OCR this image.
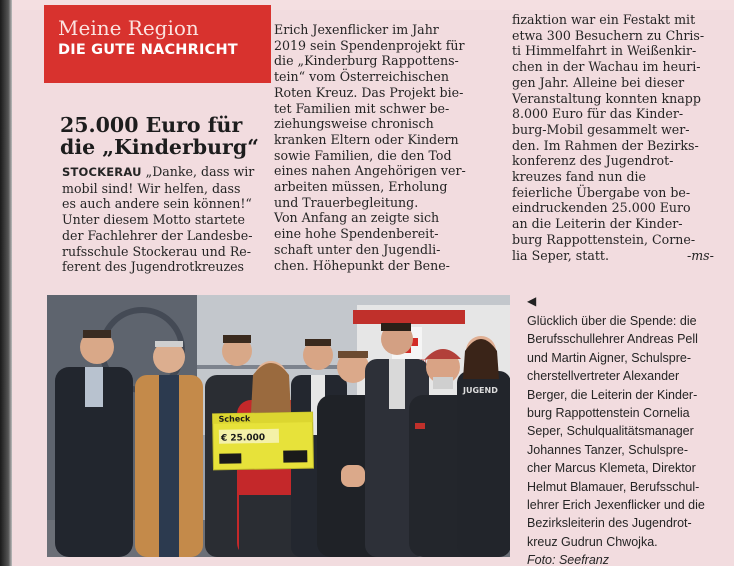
Meine Region
DIE GUTE NACHRICHT
25.000 Euro für
die „Kinderburg“
STOCKERAU „Danke, dass wir
mobil sind! Wir helfen, dass
es auch andere sein können!“
Unter diesem Motto startete
der Fachlehrer der Landesbe-
rufsschule Stockerau und Re-
ferent des Jugendrotkreuzes
Erich Jexenflicker im Jahr
2019 sein Spendenprojekt für
die „Kinderburg Rappottens-
tein“ vom Österreichischen
Roten Kreuz. Das Projekt bie-
tet Familien mit schwer be-
ziehungsweise chronisch
kranken Eltern oder Kindern
sowie Familien, die den Tod
eines nahen Angehörigen ver-
arbeiten müssen, Erholung
und Trauerbegleitung.
Von Anfang an zeigte sich
eine hohe Spendenbereit-
schaft unter den Jugendli-
chen. Höhepunkt der Bene-
fizaktion war ein Festakt mit
etwa 300 Besuchern zu Chris-
ti Himmelfahrt in Weißenkir-
chen in der Wachau im heuri-
gen Jahr. Alleine bei dieser
Veranstaltung konnten knapp
8.000 Euro für das Kinder-
burg-Mobil gesammelt wer-
den. Im Rahmen der Bezirks-
konferenz des Jugendrot-
kreuzes fand nun die
feierliche Übergabe von be-
eindruckenden 25.000 Euro
an die Leiterin der Kinder-
burg Rappottenstein, Corne-
lia Seper, statt.	-ms-
JUGEND
Scheck
€ 25.000
◀
Glücklich über die Spende: die
Berufsschullehrer Andreas Pell
und Martin Aigner, Schulspre-
cherstellvertreter Alexander
Berger, die Leiterin der Kinder-
burg Rappottenstein Cornelia
Seper, Schulqualitätsmanager
Johannes Tanzer, Schulspre-
cher Marcus Klemeta, Direktor
Helmut Blamauer, Berufsschul-
lehrer Erich Jexenflicker und die
Bezirksleiterin des Jugendrot-
kreuz Gudrun Chwojka.
Foto: Seefranz
